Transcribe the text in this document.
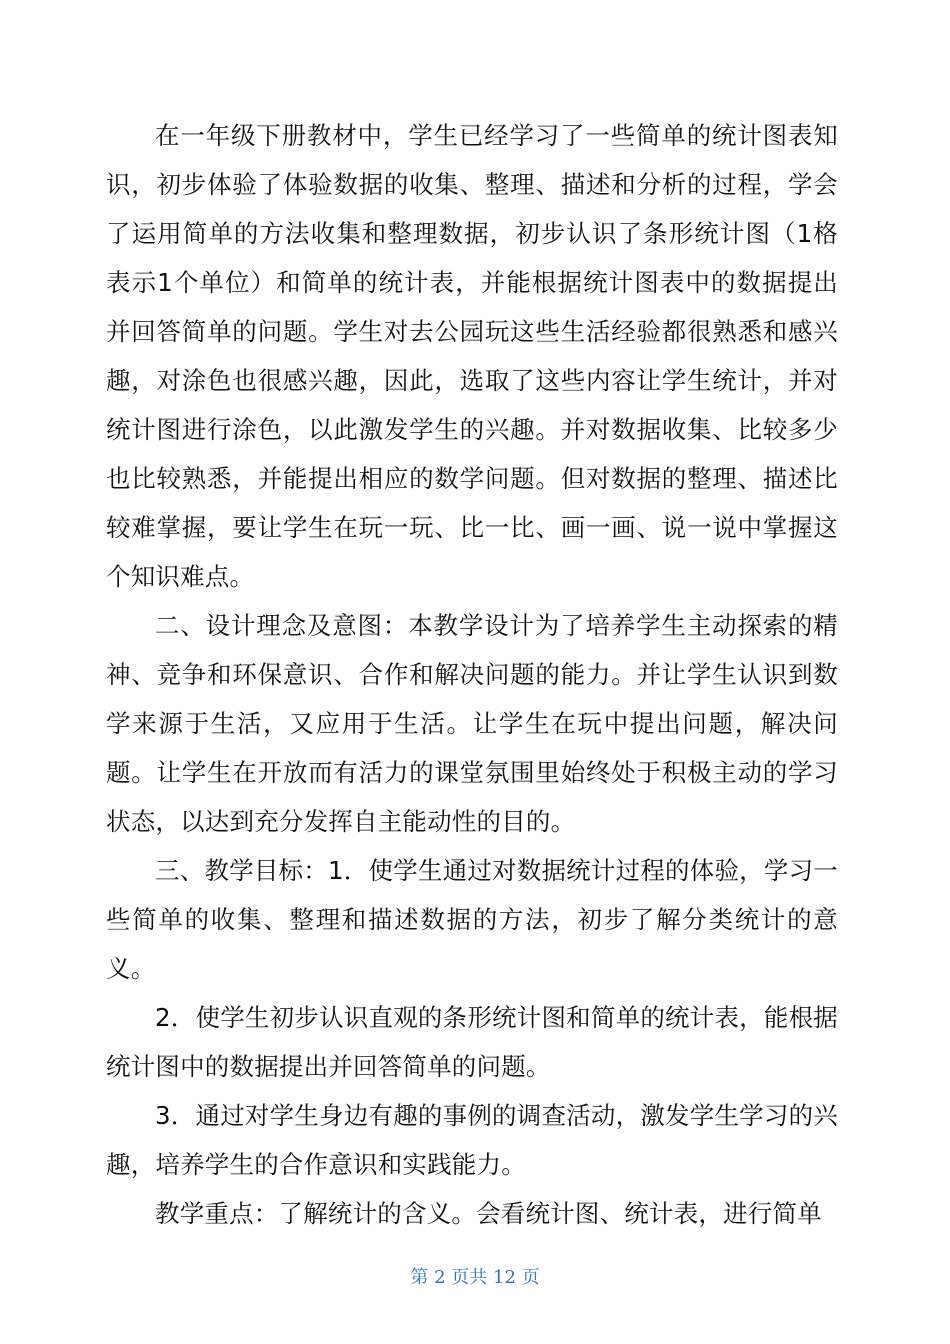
在一年级下册教材中，学生已经学习了一些简单的统计图表知识，初步体验了体验数据的收集、整理、描述和分析的过程，学会了运用简单的方法收集和整理数据，初步认识了条形统计图（1格表示1个单位）和简单的统计表，并能根据统计图表中的数据提出并回答简单的问题。学生对去公园玩这些生活经验都很熟悉和感兴趣，对涂色也很感兴趣，因此，选取了这些内容让学生统计，并对统计图进行涂色，以此激发学生的兴趣。并对数据收集、比较多少也比较熟悉，并能提出相应的数学问题。但对数据的整理、描述比较难掌握，要让学生在玩一玩、比一比、画一画、说一说中掌握这个知识难点。

二、设计理念及意图：本教学设计为了培养学生主动探索的精神、竞争和环保意识、合作和解决问题的能力。并让学生认识到数学来源于生活，又应用于生活。让学生在玩中提出问题，解决问题。让学生在开放而有活力的课堂氛围里始终处于积极主动的学习状态，以达到充分发挥自主能动性的目的。

三、教学目标：1．使学生通过对数据统计过程的体验，学习一些简单的收集、整理和描述数据的方法，初步了解分类统计的意义。

2．使学生初步认识直观的条形统计图和简单的统计表，能根据统计图中的数据提出并回答简单的问题。

3．通过对学生身边有趣的事例的调查活动，激发学生学习的兴趣，培养学生的合作意识和实践能力。

教学重点：了解统计的含义。会看统计图、统计表，进行简单

第 2 页共 12 页
